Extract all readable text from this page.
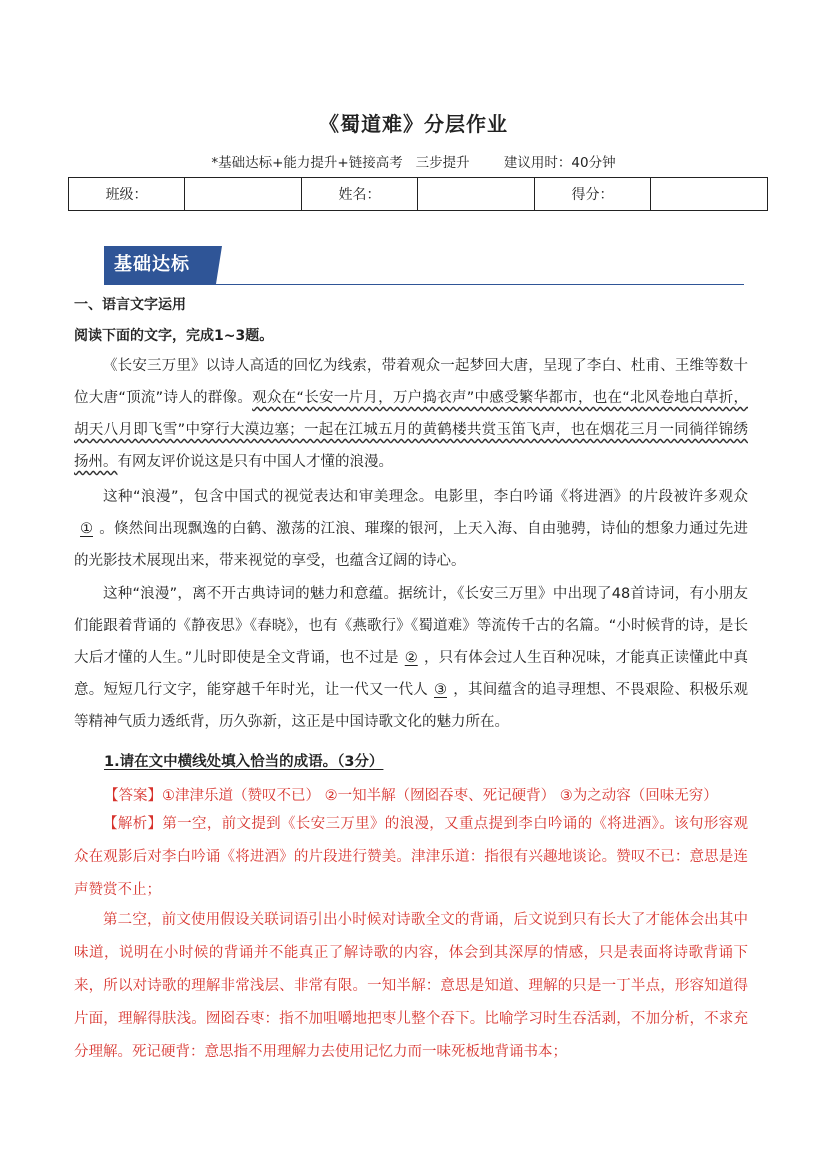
《蜀道难》分层作业
*基础达标+能力提升+链接高考   三步提升        建议用时：40分钟
班级：		姓名：		得分：	
基础达标
一、语言文字运用
阅读下面的文字，完成1~3题。

《长安三万里》以诗人高适的回忆为线索，带着观众一起梦回大唐，呈现了李白、杜甫、王维等数十位大唐“顶流”诗人的群像。观众在“长安一片月，万户捣衣声”中感受繁华都市，也在“北风卷地白草折，胡天八月即飞雪”中穿行大漠边塞；一起在江城五月的黄鹤楼共赏玉笛飞声，也在烟花三月一同徜徉锦绣扬州。有网友评价说这是只有中国人才懂的浪漫。

这种“浪漫”，包含中国式的视觉表达和审美理念。电影里，李白吟诵《将进酒》的片段被许多观众① 。倏然间出现飘逸的白鹤、激荡的江浪、璀璨的银河，上天入海、自由驰骋，诗仙的想象力通过先进的光影技术展现出来，带来视觉的享受，也蕴含辽阔的诗心。

这种“浪漫”，离不开古典诗词的魅力和意蕴。据统计，《长安三万里》中出现了48首诗词，有小朋友们能跟着背诵的《静夜思》《春晓》，也有《燕歌行》《蜀道难》等流传千古的名篇。“小时候背的诗，是长大后才懂的人生。”儿时即使是全文背诵，也不过是 ② ，只有体会过人生百种况味，才能真正读懂此中真意。短短几行文字，能穿越千年时光，让一代又一代人 ③ ，其间蕴含的追寻理想、不畏艰险、积极乐观等精神气质力透纸背，历久弥新，这正是中国诗歌文化的魅力所在。

1.请在文中横线处填入恰当的成语。（3分）
【答案】①津津乐道（赞叹不已） ②一知半解（囫囵吞枣、死记硬背） ③为之动容（回味无穷）

【解析】第一空，前文提到《长安三万里》的浪漫，又重点提到李白吟诵的《将进酒》。该句形容观众在观影后对李白吟诵《将进酒》的片段进行赞美。津津乐道：指很有兴趣地谈论。赞叹不已：意思是连声赞赏不止；

第二空，前文使用假设关联词语引出小时候对诗歌全文的背诵，后文说到只有长大了才能体会出其中味道，说明在小时候的背诵并不能真正了解诗歌的内容，体会到其深厚的情感，只是表面将诗歌背诵下来，所以对诗歌的理解非常浅层、非常有限。一知半解：意思是知道、理解的只是一丁半点，形容知道得片面，理解得肤浅。囫囵吞枣：指不加咀嚼地把枣儿整个吞下。比喻学习时生吞活剥，不加分析，不求充分理解。死记硬背：意思指不用理解力去使用记忆力而一味死板地背诵书本；
